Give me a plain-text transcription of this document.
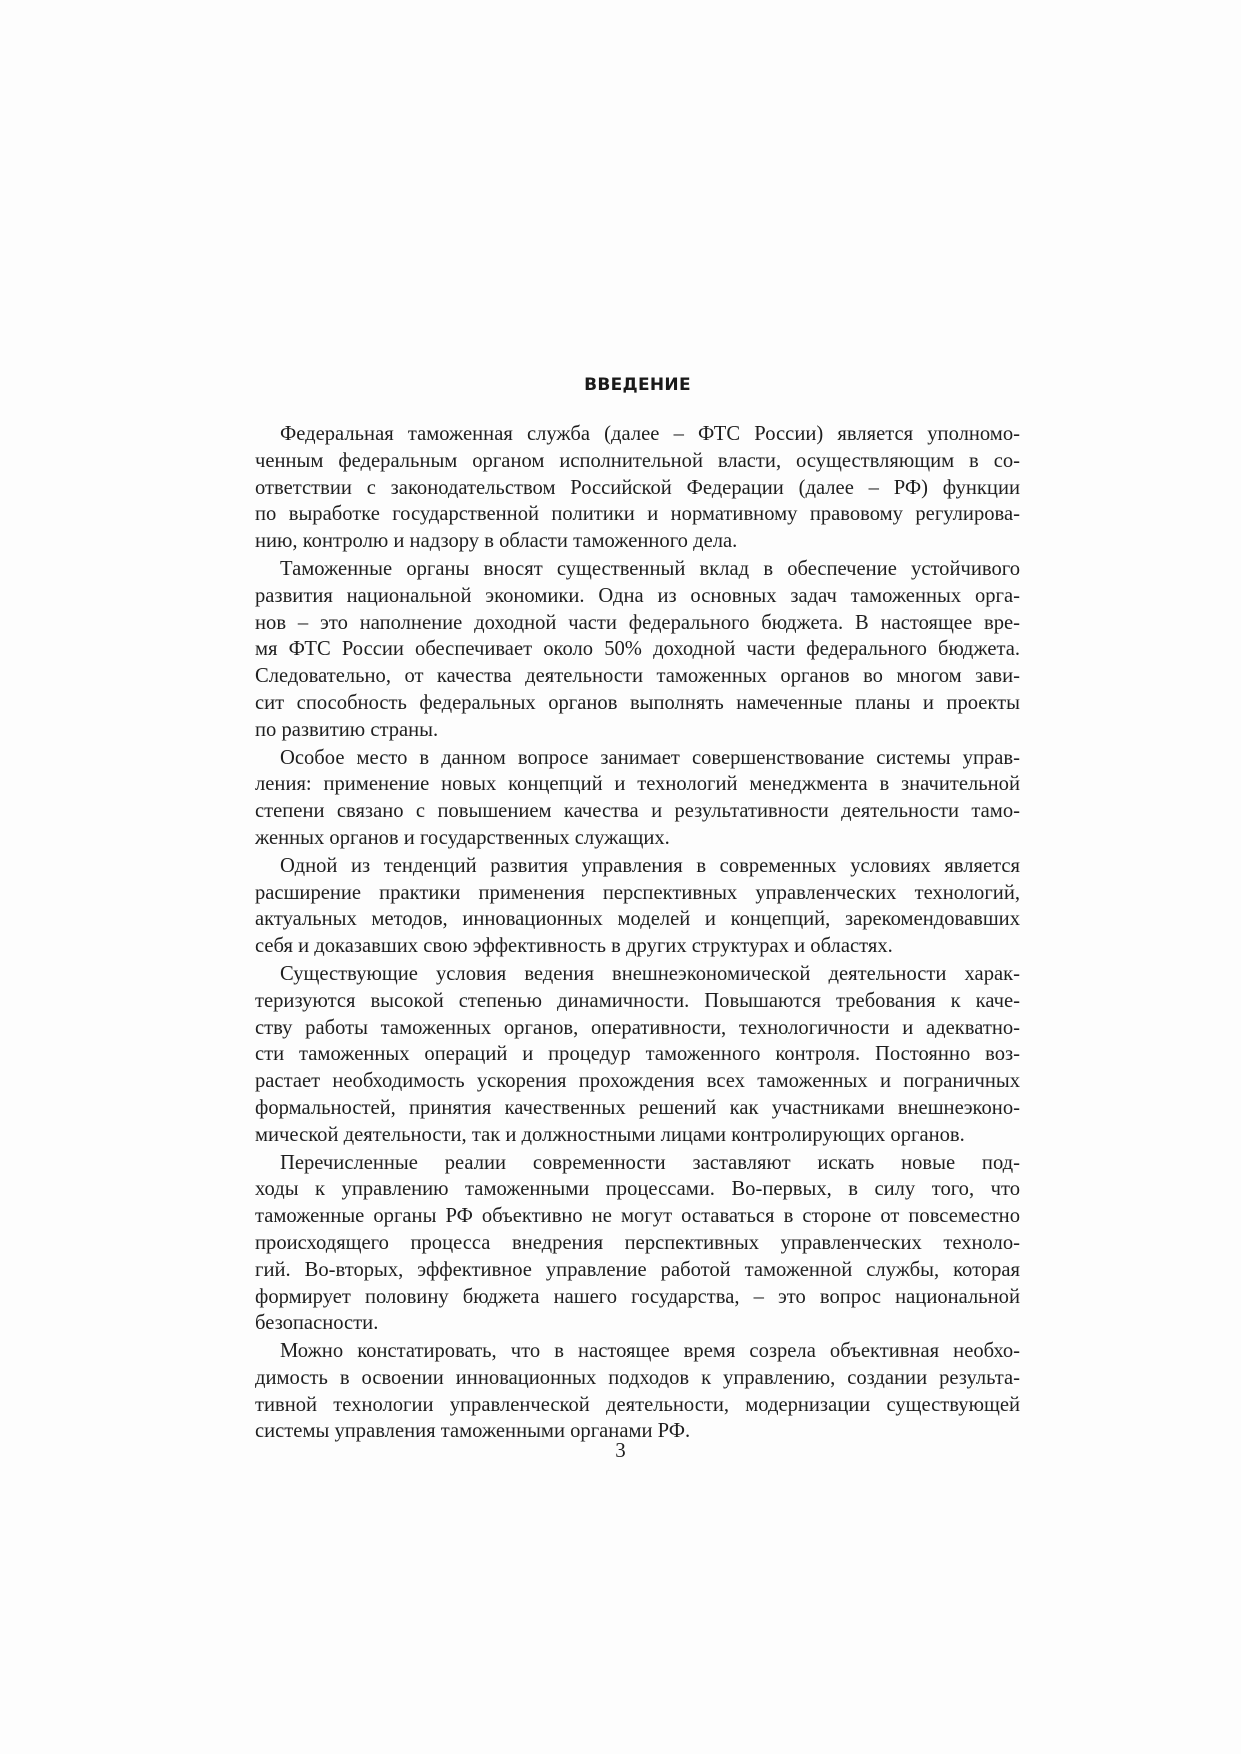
ВВЕДЕНИЕ
Федеральная таможенная служба (далее – ФТС России) является уполномо-
ченным федеральным органом исполнительной власти, осуществляющим в со-
ответствии с законодательством Российской Федерации (далее – РФ) функции
по выработке государственной политики и нормативному правовому регулирова-
нию, контролю и надзору в области таможенного дела.
Таможенные органы вносят существенный вклад в обеспечение устойчивого
развития национальной экономики. Одна из основных задач таможенных орга-
нов – это наполнение доходной части федерального бюджета. В настоящее вре-
мя ФТС России обеспечивает около 50% доходной части федерального бюджета.
Следовательно, от качества деятельности таможенных органов во многом зави-
сит способность федеральных органов выполнять намеченные планы и проекты
по развитию страны.
Особое место в данном вопросе занимает совершенствование системы управ-
ления: применение новых концепций и технологий менеджмента в значительной
степени связано с повышением качества и результативности деятельности тамо-
женных органов и государственных служащих.
Одной из тенденций развития управления в современных условиях является
расширение практики применения перспективных управленческих технологий,
актуальных методов, инновационных моделей и концепций, зарекомендовавших
себя и доказавших свою эффективность в других структурах и областях.
Существующие условия ведения внешнеэкономической деятельности харак-
теризуются высокой степенью динамичности. Повышаются требования к каче-
ству работы таможенных органов, оперативности, технологичности и адекватно-
сти таможенных операций и процедур таможенного контроля. Постоянно воз-
растает необходимость ускорения прохождения всех таможенных и пограничных
формальностей, принятия качественных решений как участниками внешнеэконо-
мической деятельности, так и должностными лицами контролирующих органов.
Перечисленные реалии современности заставляют искать новые под-
ходы к управлению таможенными процессами. Во-первых, в силу того, что
таможенные органы РФ объективно не могут оставаться в стороне от повсеместно
происходящего процесса внедрения перспективных управленческих техноло-
гий. Во-вторых, эффективное управление работой таможенной службы, которая
формирует половину бюджета нашего государства, – это вопрос национальной
безопасности.
Можно констатировать, что в настоящее время созрела объективная необхо-
димость в освоении инновационных подходов к управлению, создании результа-
тивной технологии управленческой деятельности, модернизации существующей
системы управления таможенными органами РФ.
3
